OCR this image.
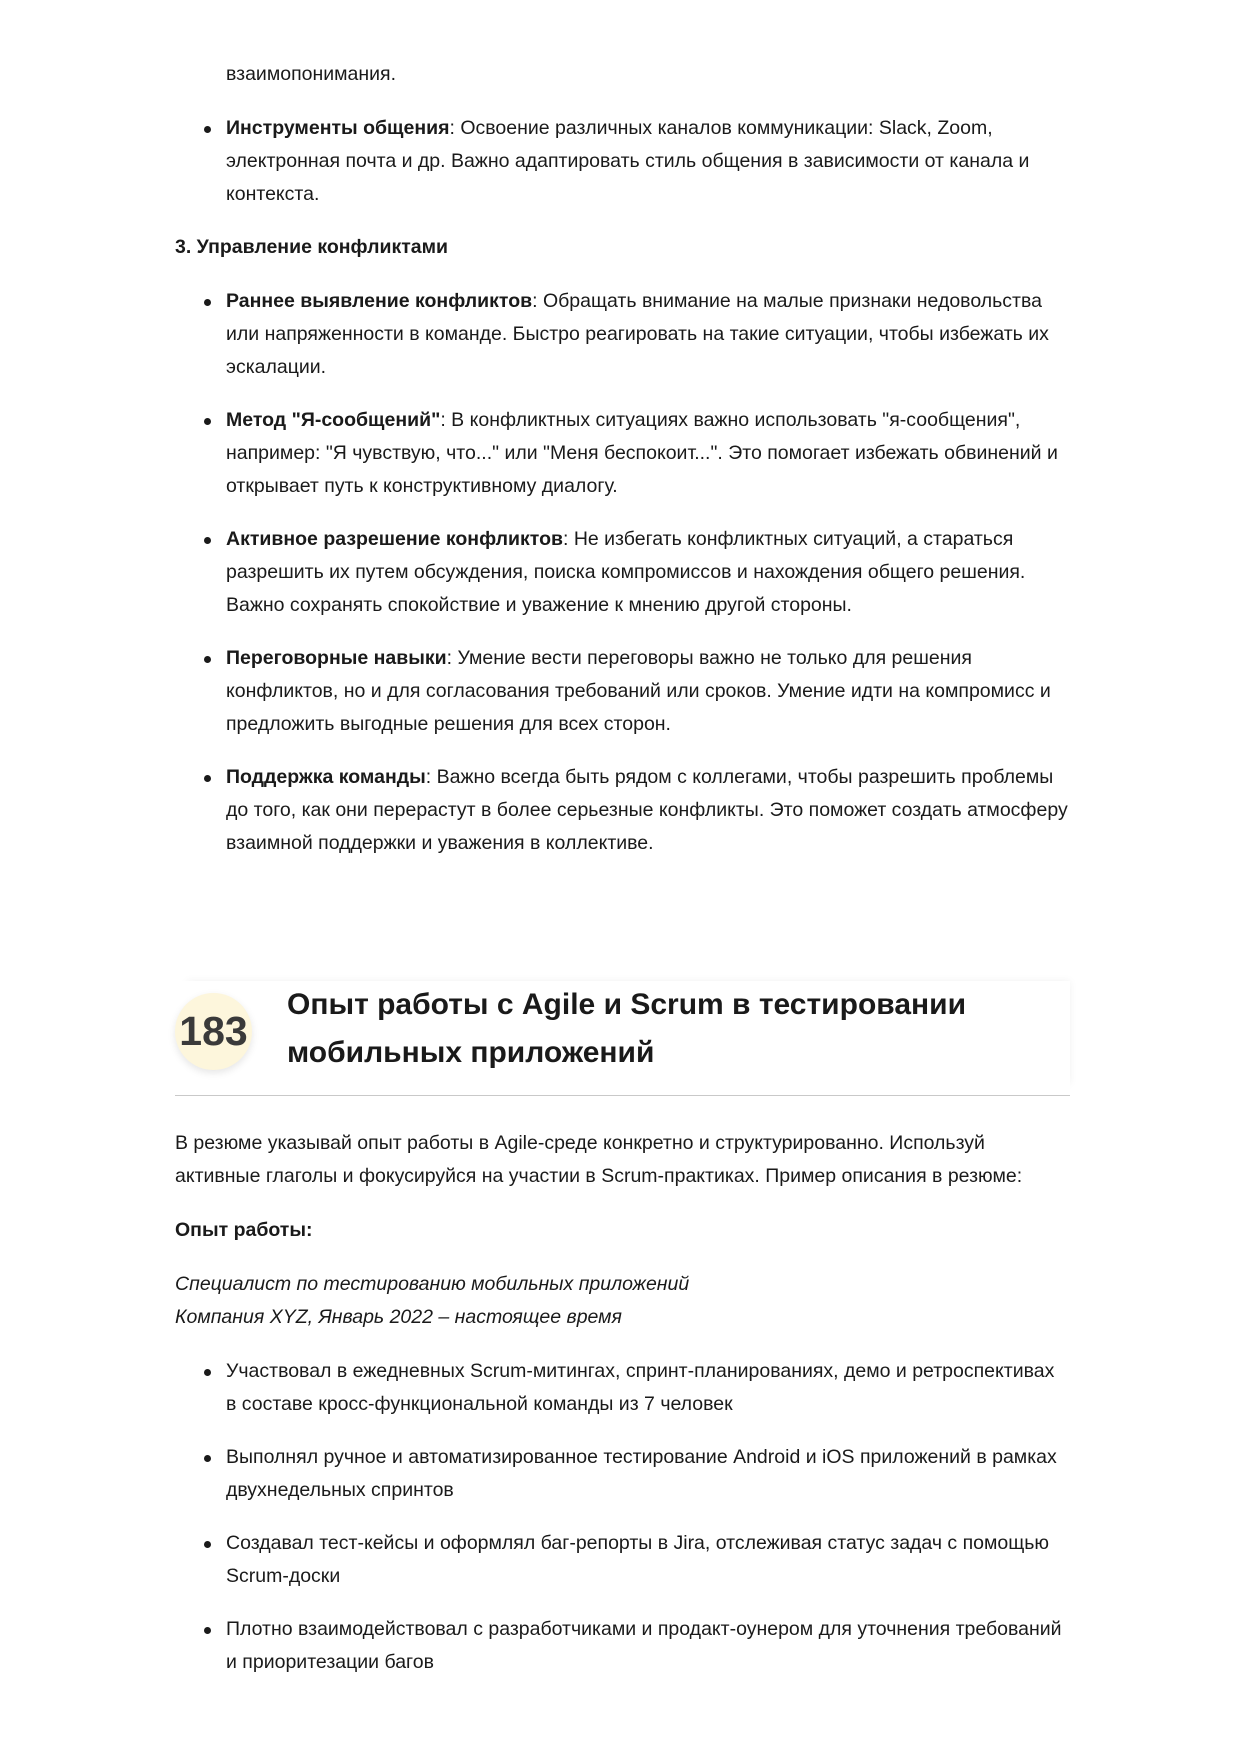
взаимопонимания.

Инструменты общения: Освоение различных каналов коммуникации: Slack, Zoom, электронная почта и др. Важно адаптировать стиль общения в зависимости от канала и контекста.

3. Управление конфликтами

Раннее выявление конфликтов: Обращать внимание на малые признаки недовольства или напряженности в команде. Быстро реагировать на такие ситуации, чтобы избежать их эскалации.
Метод "Я-сообщений": В конфликтных ситуациях важно использовать "я-сообщения", например: "Я чувствую, что..." или "Меня беспокоит...". Это помогает избежать обвинений и открывает путь к конструктивному диалогу.
Активное разрешение конфликтов: Не избегать конфликтных ситуаций, а стараться разрешить их путем обсуждения, поиска компромиссов и нахождения общего решения. Важно сохранять спокойствие и уважение к мнению другой стороны.
Переговорные навыки: Умение вести переговоры важно не только для решения конфликтов, но и для согласования требований или сроков. Умение идти на компромисс и предложить выгодные решения для всех сторон.
Поддержка команды: Важно всегда быть рядом с коллегами, чтобы разрешить проблемы до того, как они перерастут в более серьезные конфликты. Это поможет создать атмосферу взаимной поддержки и уважения в коллективе.
183
Опыт работы с Agile и Scrum в тестировании мобильных приложений

В резюме указывай опыт работы в Agile-среде конкретно и структурированно. Используй активные глаголы и фокусируйся на участии в Scrum-практиках. Пример описания в резюме:

Опыт работы:

Специалист по тестированию мобильных приложений
Компания XYZ, Январь 2022 – настоящее время

Участвовал в ежедневных Scrum-митингах, спринт-планированиях, демо и ретроспективах в составе кросс-функциональной команды из 7 человек
Выполнял ручное и автоматизированное тестирование Android и iOS приложений в рамках двухнедельных спринтов
Создавал тест-кейсы и оформлял баг-репорты в Jira, отслеживая статус задач с помощью Scrum-доски
Плотно взаимодействовал с разработчиками и продакт-оунером для уточнения требований и приоритезации багов
